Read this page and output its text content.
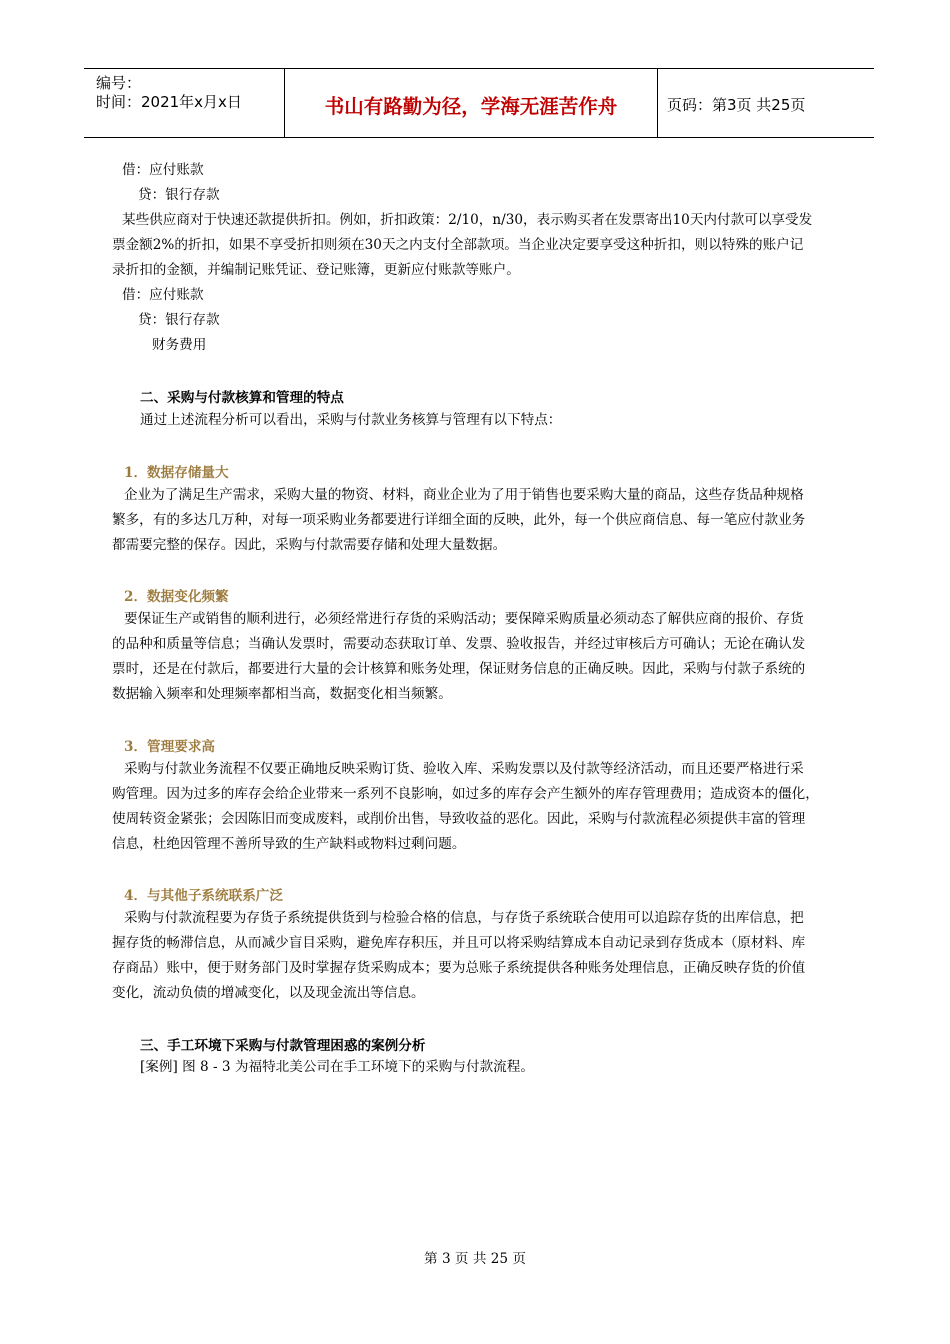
编号：
时间：2021年x月x日	书山有路勤为径，学海无涯苦作舟	页码：第3页 共25页
借：应付账款
贷：银行存款
某些供应商对于快速还款提供折扣。例如，折扣政策：2/10，n/30，表示购买者在发票寄出10天内付款可以享受发
票金额2%的折扣，如果不享受折扣则须在30天之内支付全部款项。当企业决定要享受这种折扣，则以特殊的账户记
录折扣的金额，并编制记账凭证、登记账簿，更新应付账款等账户。
借：应付账款
贷：银行存款
财务费用
二、采购与付款核算和管理的特点
通过上述流程分析可以看出，采购与付款业务核算与管理有以下特点：
1．数据存储量大
企业为了满足生产需求，采购大量的物资、材料，商业企业为了用于销售也要采购大量的商品，这些存货品种规格
繁多，有的多达几万种，对每一项采购业务都要进行详细全面的反映，此外，每一个供应商信息、每一笔应付款业务
都需要完整的保存。因此，采购与付款需要存储和处理大量数据。
2．数据变化频繁
要保证生产或销售的顺利进行，必须经常进行存货的采购活动；要保障采购质量必须动态了解供应商的报价、存货
的品种和质量等信息；当确认发票时，需要动态获取订单、发票、验收报告，并经过审核后方可确认；无论在确认发
票时，还是在付款后，都要进行大量的会计核算和账务处理，保证财务信息的正确反映。因此，采购与付款子系统的
数据输入频率和处理频率都相当高，数据变化相当频繁。
3．管理要求高
采购与付款业务流程不仅要正确地反映采购订货、验收入库、采购发票以及付款等经济活动，而且还要严格进行采
购管理。因为过多的库存会给企业带来一系列不良影响，如过多的库存会产生额外的库存管理费用；造成资本的僵化，
使周转资金紧张；会因陈旧而变成废料，或削价出售，导致收益的恶化。因此，采购与付款流程必须提供丰富的管理
信息，杜绝因管理不善所导致的生产缺料或物料过剩问题。
4．与其他子系统联系广泛
采购与付款流程要为存货子系统提供货到与检验合格的信息，与存货子系统联合使用可以追踪存货的出库信息，把
握存货的畅滞信息，从而减少盲目采购，避免库存积压，并且可以将采购结算成本自动记录到存货成本（原材料、库
存商品）账中，便于财务部门及时掌握存货采购成本；要为总账子系统提供各种账务处理信息，正确反映存货的价值
变化，流动负债的增减变化，以及现金流出等信息。
三、手工环境下采购与付款管理困惑的案例分析
[案例] 图 8 - 3 为福特北美公司在手工环境下的采购与付款流程。
第 3 页 共 25 页
